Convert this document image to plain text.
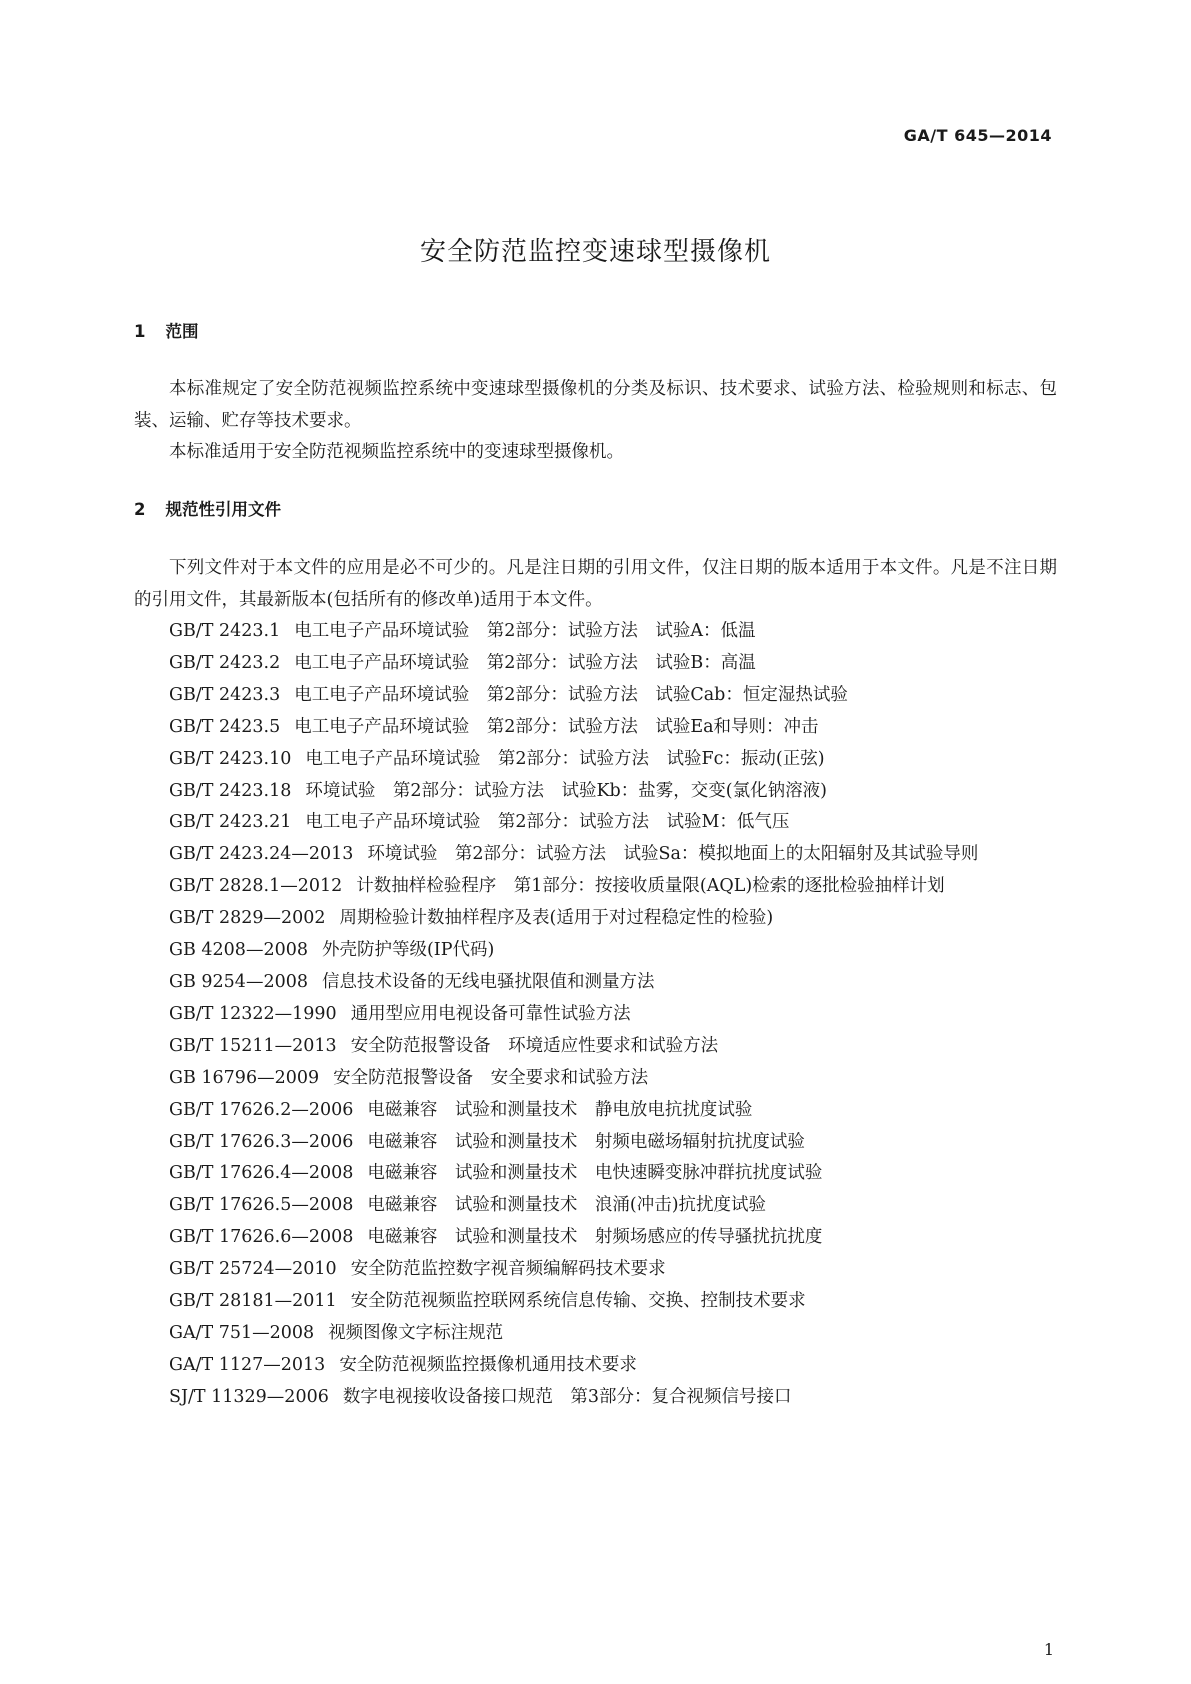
GA/T 645—2014
安全防范监控变速球型摄像机
1 范围

本标准规定了安全防范视频监控系统中变速球型摄像机的分类及标识、技术要求、试验方法、检验规则和标志、包装、运输、贮存等技术要求。

本标准适用于安全防范视频监控系统中的变速球型摄像机。

2 规范性引用文件

下列文件对于本文件的应用是必不可少的。凡是注日期的引用文件，仅注日期的版本适用于本文件。凡是不注日期的引用文件，其最新版本(包括所有的修改单)适用于本文件。

GB/T 2423.1 电工电子产品环境试验　第2部分：试验方法　试验A：低温
GB/T 2423.2 电工电子产品环境试验　第2部分：试验方法　试验B：高温
GB/T 2423.3 电工电子产品环境试验　第2部分：试验方法　试验Cab：恒定湿热试验
GB/T 2423.5 电工电子产品环境试验　第2部分：试验方法　试验Ea和导则：冲击
GB/T 2423.10 电工电子产品环境试验　第2部分：试验方法　试验Fc：振动(正弦)
GB/T 2423.18 环境试验　第2部分：试验方法　试验Kb：盐雾，交变(氯化钠溶液)
GB/T 2423.21 电工电子产品环境试验　第2部分：试验方法　试验M：低气压
GB/T 2423.24—2013 环境试验　第2部分：试验方法　试验Sa：模拟地面上的太阳辐射及其试验导则
GB/T 2828.1—2012 计数抽样检验程序　第1部分：按接收质量限(AQL)检索的逐批检验抽样计划
GB/T 2829—2002 周期检验计数抽样程序及表(适用于对过程稳定性的检验)
GB 4208—2008 外壳防护等级(IP代码)
GB 9254—2008 信息技术设备的无线电骚扰限值和测量方法
GB/T 12322—1990 通用型应用电视设备可靠性试验方法
GB/T 15211—2013 安全防范报警设备　环境适应性要求和试验方法
GB 16796—2009 安全防范报警设备　安全要求和试验方法
GB/T 17626.2—2006 电磁兼容　试验和测量技术　静电放电抗扰度试验
GB/T 17626.3—2006 电磁兼容　试验和测量技术　射频电磁场辐射抗扰度试验
GB/T 17626.4—2008 电磁兼容　试验和测量技术　电快速瞬变脉冲群抗扰度试验
GB/T 17626.5—2008 电磁兼容　试验和测量技术　浪涌(冲击)抗扰度试验
GB/T 17626.6—2008 电磁兼容　试验和测量技术　射频场感应的传导骚扰抗扰度
GB/T 25724—2010 安全防范监控数字视音频编解码技术要求
GB/T 28181—2011 安全防范视频监控联网系统信息传输、交换、控制技术要求
GA/T 751—2008 视频图像文字标注规范
GA/T 1127—2013 安全防范视频监控摄像机通用技术要求
SJ/T 11329—2006 数字电视接收设备接口规范　第3部分：复合视频信号接口
1
